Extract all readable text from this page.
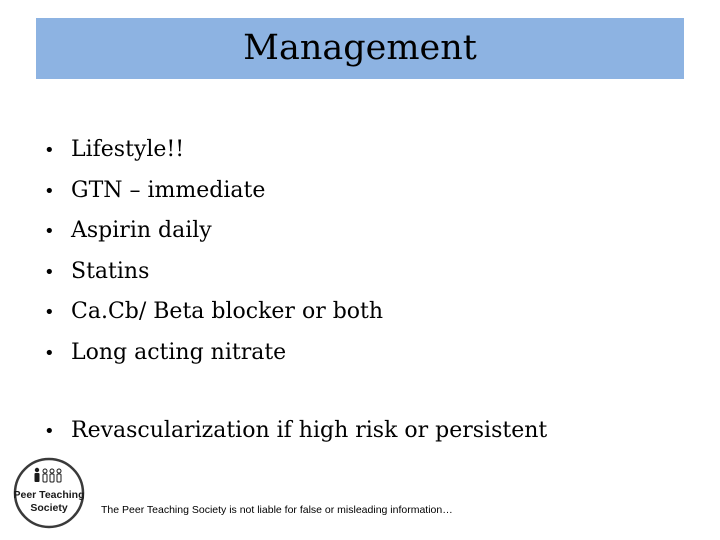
Management
• Lifestyle!!
• GTN – immediate
• Aspirin daily
• Statins
• Ca.Cb/ Beta blocker or both
• Long acting nitrate
• Revascularization if high risk or persistent
Peer Teaching
Society	The Peer Teaching Society is not liable for false or misleading information…
